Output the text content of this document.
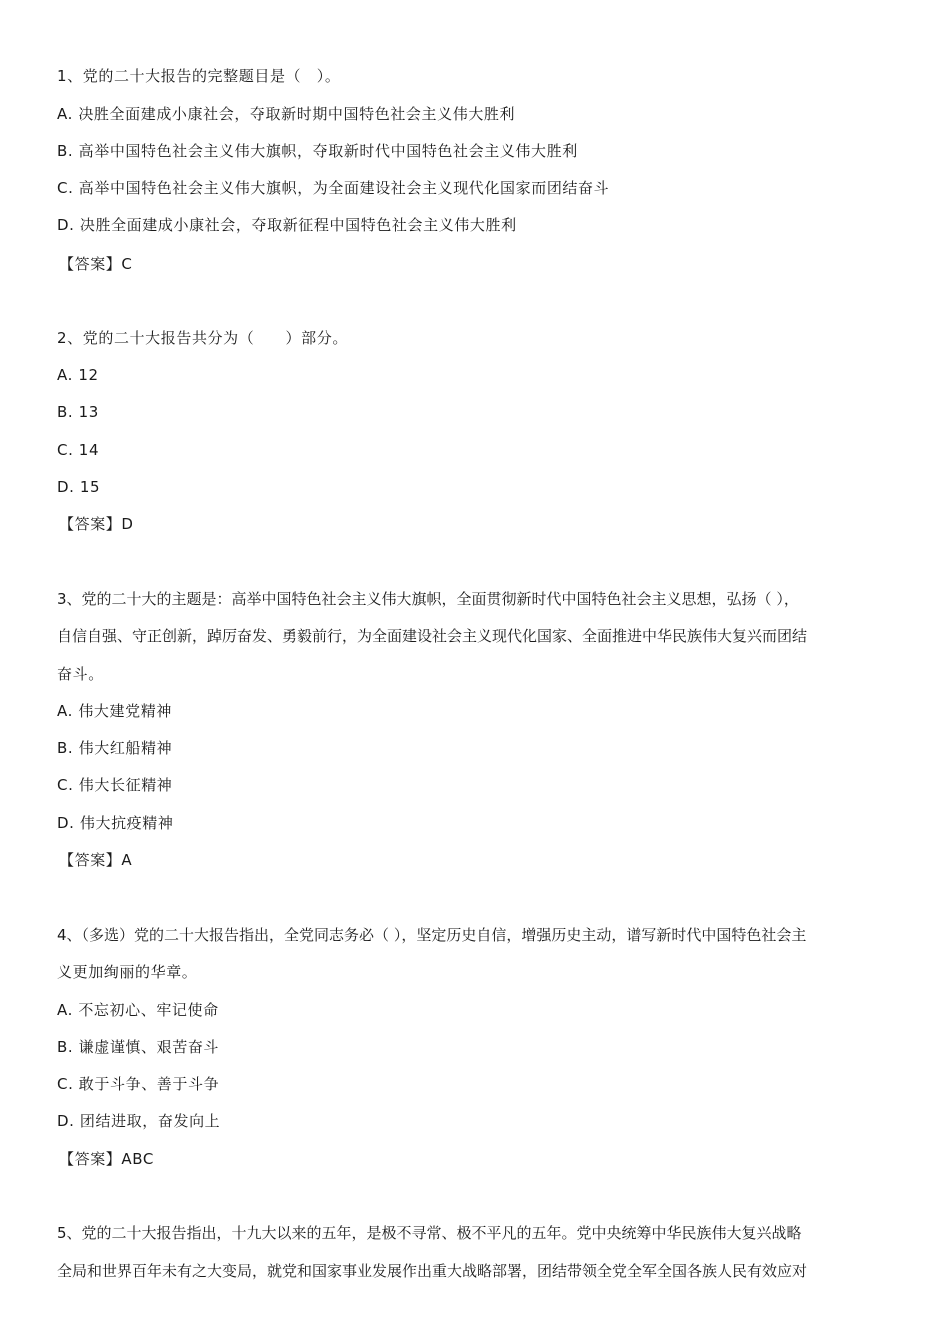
1、党的二十大报告的完整题目是（　）。
A. 决胜全面建成小康社会，夺取新时期中国特色社会主义伟大胜利
B. 高举中国特色社会主义伟大旗帜，夺取新时代中国特色社会主义伟大胜利
C. 高举中国特色社会主义伟大旗帜，为全面建设社会主义现代化国家而团结奋斗
D. 决胜全面建成小康社会，夺取新征程中国特色社会主义伟大胜利
【答案】C
2、党的二十大报告共分为（　　）部分。
A. 12
B. 13
C. 14
D. 15
【答案】D
3、党的二十大的主题是：高举中国特色社会主义伟大旗帜，全面贯彻新时代中国特色社会主义思想，弘扬（ ），
自信自强、守正创新，踔厉奋发、勇毅前行，为全面建设社会主义现代化国家、全面推进中华民族伟大复兴而团结
奋斗。
A. 伟大建党精神
B. 伟大红船精神
C. 伟大长征精神
D. 伟大抗疫精神
【答案】A
4、（多选）党的二十大报告指出，全党同志务必（ ），坚定历史自信，增强历史主动，谱写新时代中国特色社会主
义更加绚丽的华章。
A. 不忘初心、牢记使命
B. 谦虚谨慎、艰苦奋斗
C. 敢于斗争、善于斗争
D. 团结进取，奋发向上
【答案】ABC
5、党的二十大报告指出，十九大以来的五年，是极不寻常、极不平凡的五年。党中央统筹中华民族伟大复兴战略
全局和世界百年未有之大变局，就党和国家事业发展作出重大战略部署，团结带领全党全军全国各族人民有效应对
